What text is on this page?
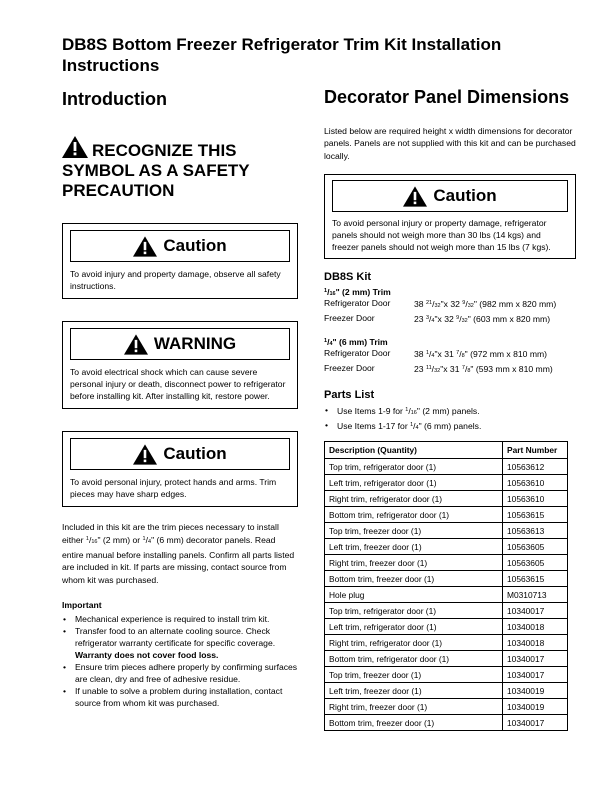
DB8S Bottom Freezer Refrigerator Trim Kit Installation Instructions
Introduction
RECOGNIZE THIS SYMBOL AS A SAFETY PRECAUTION
Caution

To avoid injury and property damage, observe all safety instructions.

WARNING

To avoid electrical shock which can cause severe personal injury or death, disconnect power to refrigerator before installing kit. After installing kit, restore power.

Caution

To avoid personal injury, protect hands and arms. Trim pieces may have sharp edges.

Included in this kit are the trim pieces necessary to install either $^1$/16" (2 mm) or $^1$/4" (6 mm) decorator panels. Read entire manual before installing panels. Confirm all parts listed are included in kit. If parts are missing, contact source from whom kit was purchased.

Important
• Mechanical experience is required to install trim kit.
• Transfer food to an alternate cooling source. Check refrigerator warranty certificate for specific coverage.
Warranty does not cover food loss.
• Ensure trim pieces adhere properly by confirming surfaces are clean, dry and free of adhesive residue.
• If unable to solve a problem during installation, contact source from whom kit was purchased.
Decorator Panel Dimensions

Listed below are required height x width dimensions for decorator panels. Panels are not supplied with this kit and can be purchased locally.

Caution

To avoid personal injury or property damage, refrigerator panels should not weigh more than 30 lbs (14 kgs) and freezer panels should not weigh more than 15 lbs (7 kgs).

DB8S Kit
$^1$/16" (2 mm) Trim
Refrigerator Door	38 $^{21}$/32"x 32 $^9$/32" (982 mm x 820 mm)
Freezer Door	23 $^3$/4"x 32 $^9$/32" (603 mm x 820 mm)
$^1$/4" (6 mm) Trim
Refrigerator Door	38 $^1$/4"x 31 $^7$/8" (972 mm x 810 mm)
Freezer Door	23 $^{11}$/32"x 31 $^7$/8" (593 mm x 810 mm)
Parts List
• Use Items 1-9 for $^1$/16" (2 mm) panels.
• Use Items 1-17 for $^1$/4" (6 mm) panels.
Description (Quantity)	Part Number
Top trim, refrigerator door (1)	10563612
Left trim, refrigerator door (1)	10563610
Right trim, refrigerator door (1)	10563610
Bottom trim, refrigerator door (1)	10563615
Top trim, freezer door (1)	10563613
Left trim, freezer door (1)	10563605
Right trim, freezer door (1)	10563605
Bottom trim, freezer door (1)	10563615
Hole plug	M0310713
Top trim, refrigerator door (1)	10340017
Left trim, refrigerator door (1)	10340018
Right trim, refrigerator door (1)	10340018
Bottom trim, refrigerator door (1)	10340017
Top trim, freezer door (1)	10340017
Left trim, freezer door (1)	10340019
Right trim, freezer door (1)	10340019
Bottom trim, freezer door (1)	10340017
